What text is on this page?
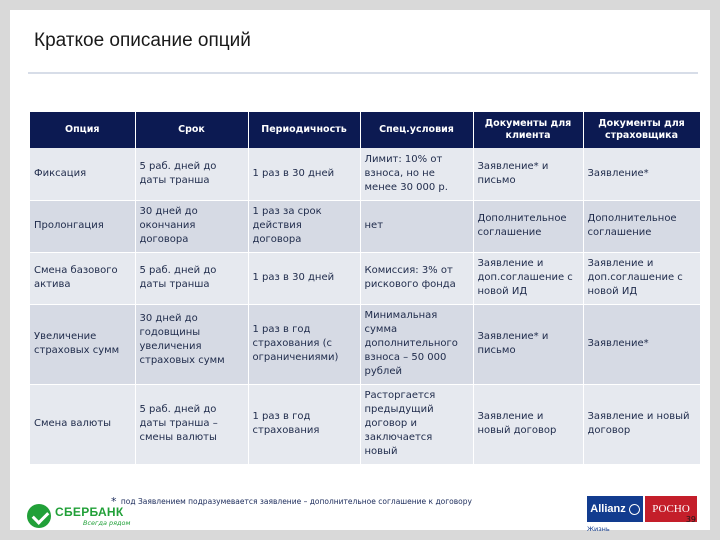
Краткое описание опций
Опция	Срок	Периодичность	Спец.условия	Документы для клиента	Документы для страховщика
Фиксация	5 раб. дней до даты транша	1 раз в 30 дней	Лимит: 10% от взноса, но не менее 30 000 р.	Заявление* и письмо	Заявление*
Пролонгация	30 дней до окончания договора	1 раз за срок действия договора	нет	Дополнительное соглашение	Дополнительное соглашение
Смена базового актива	5 раб. дней до даты транша	1 раз в 30 дней	Комиссия: 3% от рискового фонда	Заявление и доп.соглашение с новой ИД	Заявление и доп.соглашение с новой ИД
Увеличение страховых сумм	30 дней до годовщины увеличения страховых сумм	1 раз в год страхования (с ограничениями)	Минимальная сумма дополнительного взноса – 50 000 рублей	Заявление* и письмо	Заявление*
Смена валюты	5 раб. дней до даты транша – смены валюты	1 раз в год страхования	Расторгается предыдущий договор и заключается новый	Заявление и новый договор	Заявление и новый договор
* под Заявлением подразумевается заявление – дополнительное соглашение к договору
СБЕРБАНК
Всегда рядом
Allianz	РОСНО
Жизнь
39
